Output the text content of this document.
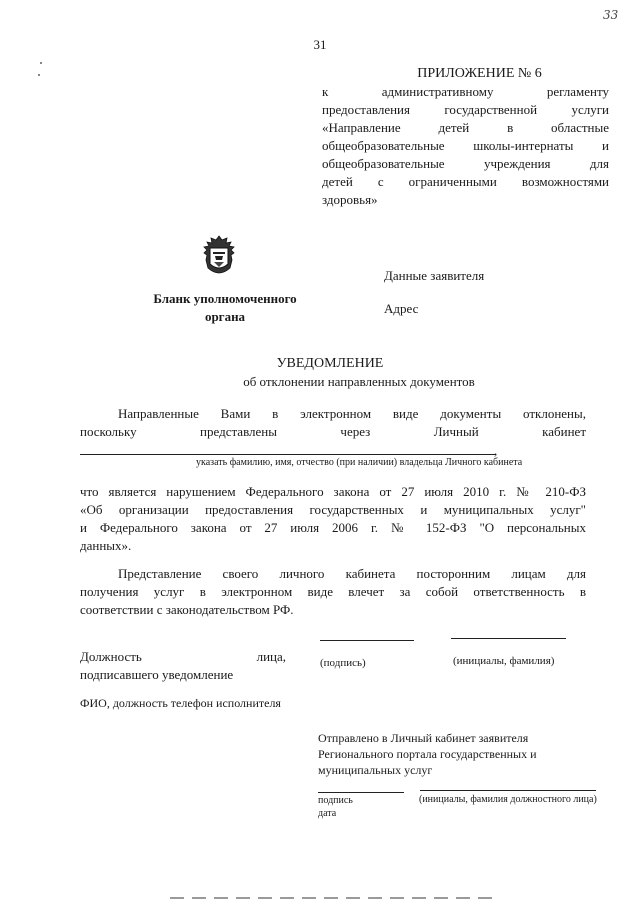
33
31
ПРИЛОЖЕНИЕ № 6
к административному регламенту
предоставления государственной услуги
«Направление детей в областные
общеобразовательные школы-интернаты и
общеобразовательные учреждения для
детей с ограниченными возможностями
здоровья»
Бланк уполномоченного
органа
Данные заявителя
Адрес
УВЕДОМЛЕНИЕ
об отклонении направленных документов
Направленные Вами в электронном виде документы отклонены,
поскольку представлены через Личный кабинет
,
указать фамилию, имя, отчество (при наличии) владельца Личного кабинета
что является нарушением Федерального закона от 27 июля 2010 г. № 210-ФЗ
«Об организации предоставления государственных и муниципальных услуг"
и Федерального закона от 27 июля 2006 г. № 152-ФЗ "О персональных
данных».
Представление своего личного кабинета посторонним лицам для
получения услуг в электронном виде влечет за собой ответственность в
соответствии с законодательством РФ.
Должность лица,
подписавшего уведомление
(подпись)	(инициалы, фамилия)
ФИО, должность телефон исполнителя
Отправлено в Личный кабинет заявителя
Регионального портала государственных и
муниципальных услуг
подпись	(инициалы, фамилия должностного лица)
дата
